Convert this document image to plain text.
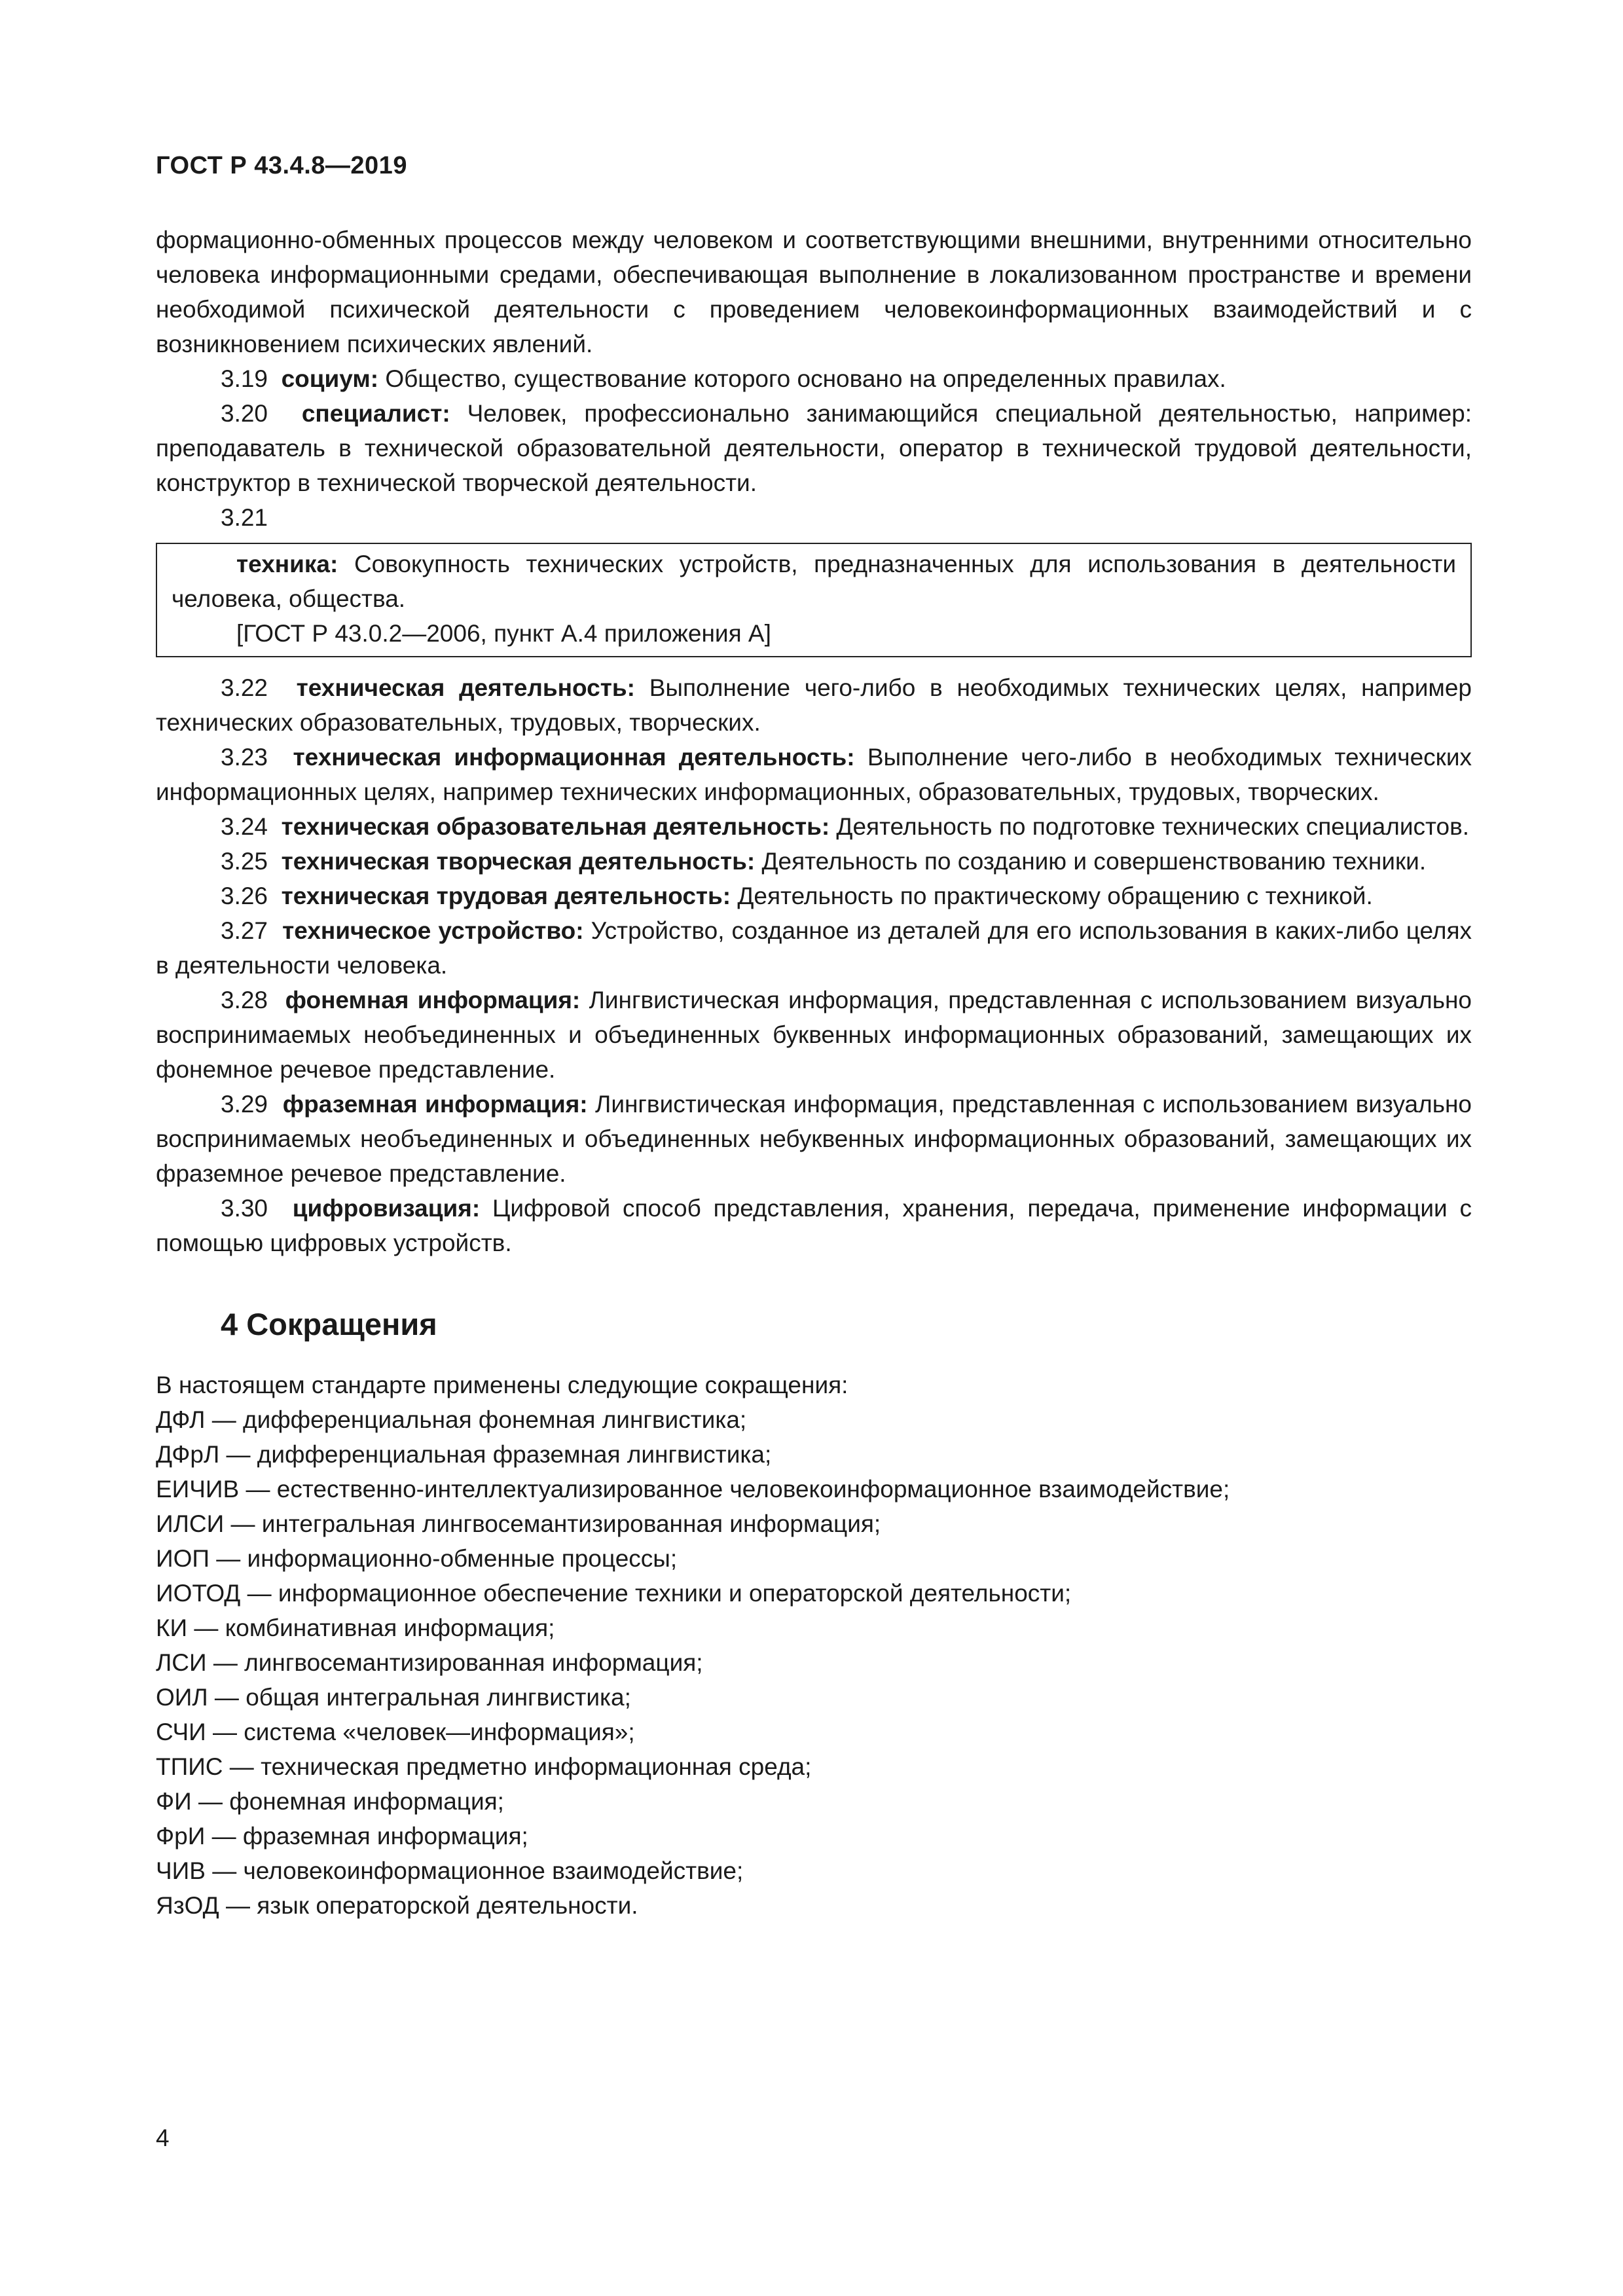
ГОСТ Р 43.4.8—2019

формационно-обменных процессов между человеком и соответствующими внешними, внутренними относительно человека информационными средами, обеспечивающая выполнение в локализованном пространстве и времени необходимой психической деятельности с проведением человекоинформационных взаимодействий и с возникновением психических явлений.

3.19 социум: Общество, существование которого основано на определенных правилах.

3.20 специалист: Человек, профессионально занимающийся специальной деятельностью, например: преподаватель в технической образовательной деятельности, оператор в технической трудовой деятельности, конструктор в технической творческой деятельности.

3.21

техника: Совокупность технических устройств, предназначенных для использования в деятельности человека, общества.

[ГОСТ Р 43.0.2—2006, пункт А.4 приложения А]

3.22 техническая деятельность: Выполнение чего-либо в необходимых технических целях, например технических образовательных, трудовых, творческих.

3.23 техническая информационная деятельность: Выполнение чего-либо в необходимых технических информационных целях, например технических информационных, образовательных, трудовых, творческих.

3.24 техническая образовательная деятельность: Деятельность по подготовке технических специалистов.

3.25 техническая творческая деятельность: Деятельность по созданию и совершенствованию техники.

3.26 техническая трудовая деятельность: Деятельность по практическому обращению с техникой.

3.27 техническое устройство: Устройство, созданное из деталей для его использования в каких-либо целях в деятельности человека.

3.28 фонемная информация: Лингвистическая информация, представленная с использованием визуально воспринимаемых необъединенных и объединенных буквенных информационных образований, замещающих их фонемное речевое представление.

3.29 фраземная информация: Лингвистическая информация, представленная с использованием визуально воспринимаемых необъединенных и объединенных небуквенных информационных образований, замещающих их фраземное речевое представление.

3.30 цифровизация: Цифровой способ представления, хранения, передача, применение информации с помощью цифровых устройств.

4 Сокращения

В настоящем стандарте применены следующие сокращения:

ДФЛ — дифференциальная фонемная лингвистика;

ДФрЛ — дифференциальная фраземная лингвистика;

ЕИЧИВ — естественно-интеллектуализированное человекоинформационное взаимодействие;

ИЛСИ — интегральная лингвосемантизированная информация;

ИОП — информационно-обменные процессы;

ИОТОД — информационное обеспечение техники и операторской деятельности;

КИ — комбинативная информация;

ЛСИ — лингвосемантизированная информация;

ОИЛ — общая интегральная лингвистика;

СЧИ — система «человек—информация»;

ТПИС — техническая предметно информационная среда;

ФИ — фонемная информация;

ФрИ — фраземная информация;

ЧИВ — человекоинформационное взаимодействие;

ЯзОД — язык операторской деятельности.

4
